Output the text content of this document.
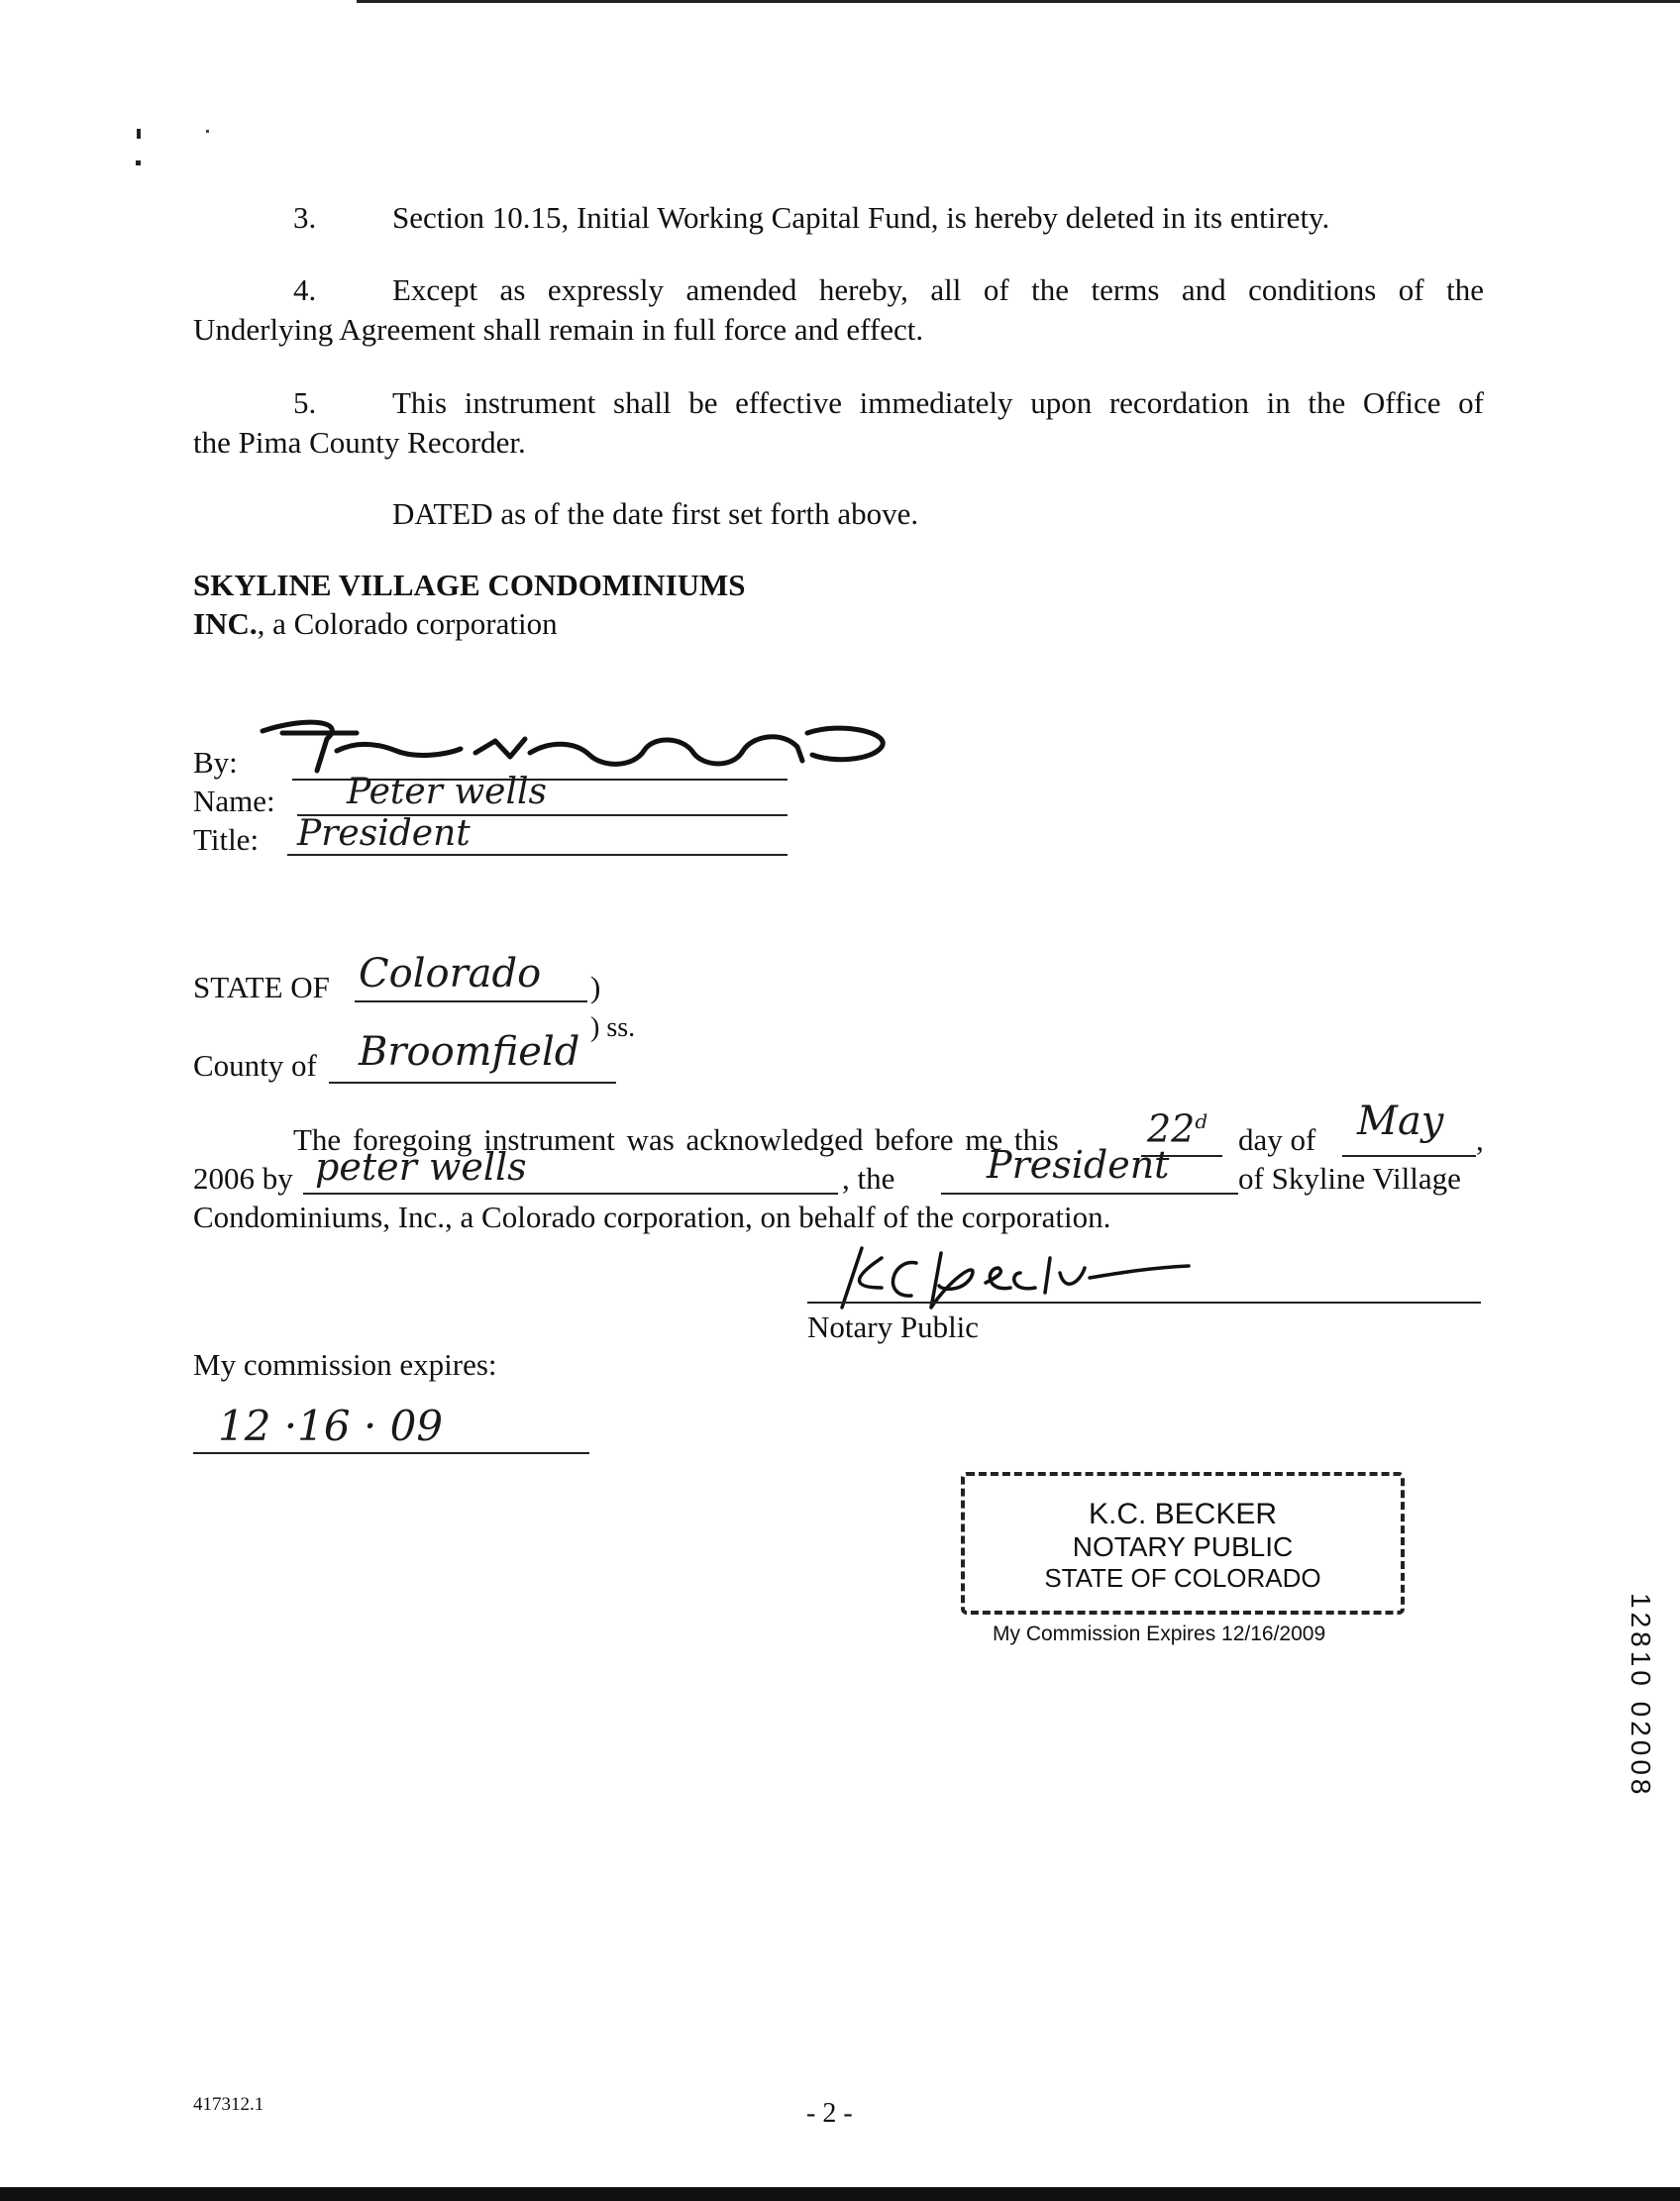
3. Section 10.15, Initial Working Capital Fund, is hereby deleted in its entirety.
4. Except as expressly amended hereby, all of the terms and conditions of the
Underlying Agreement shall remain in full force and effect.
5. This instrument shall be effective immediately upon recordation in the Office of
the Pima County Recorder.
DATED as of the date first set forth above.
SKYLINE VILLAGE CONDOMINIUMS
INC., a Colorado corporation
By:
Name: Peter wells
Title: President
STATE OF Colorado )
) ss.
County of Broomfield
The foregoing instrument was acknowledged before me this 22$^d$
day of May ,
2006 by peter wells	, the President of Skyline Village
Condominiums, Inc., a Colorado corporation, on behalf of the corporation.
Notary Public
My commission expires:
12 ·16 · 09
K.C. BECKER
NOTARY PUBLIC
STATE OF COLORADO
My Commission Expires 12/16/2009	12810 02008
417312.1	- 2 -
